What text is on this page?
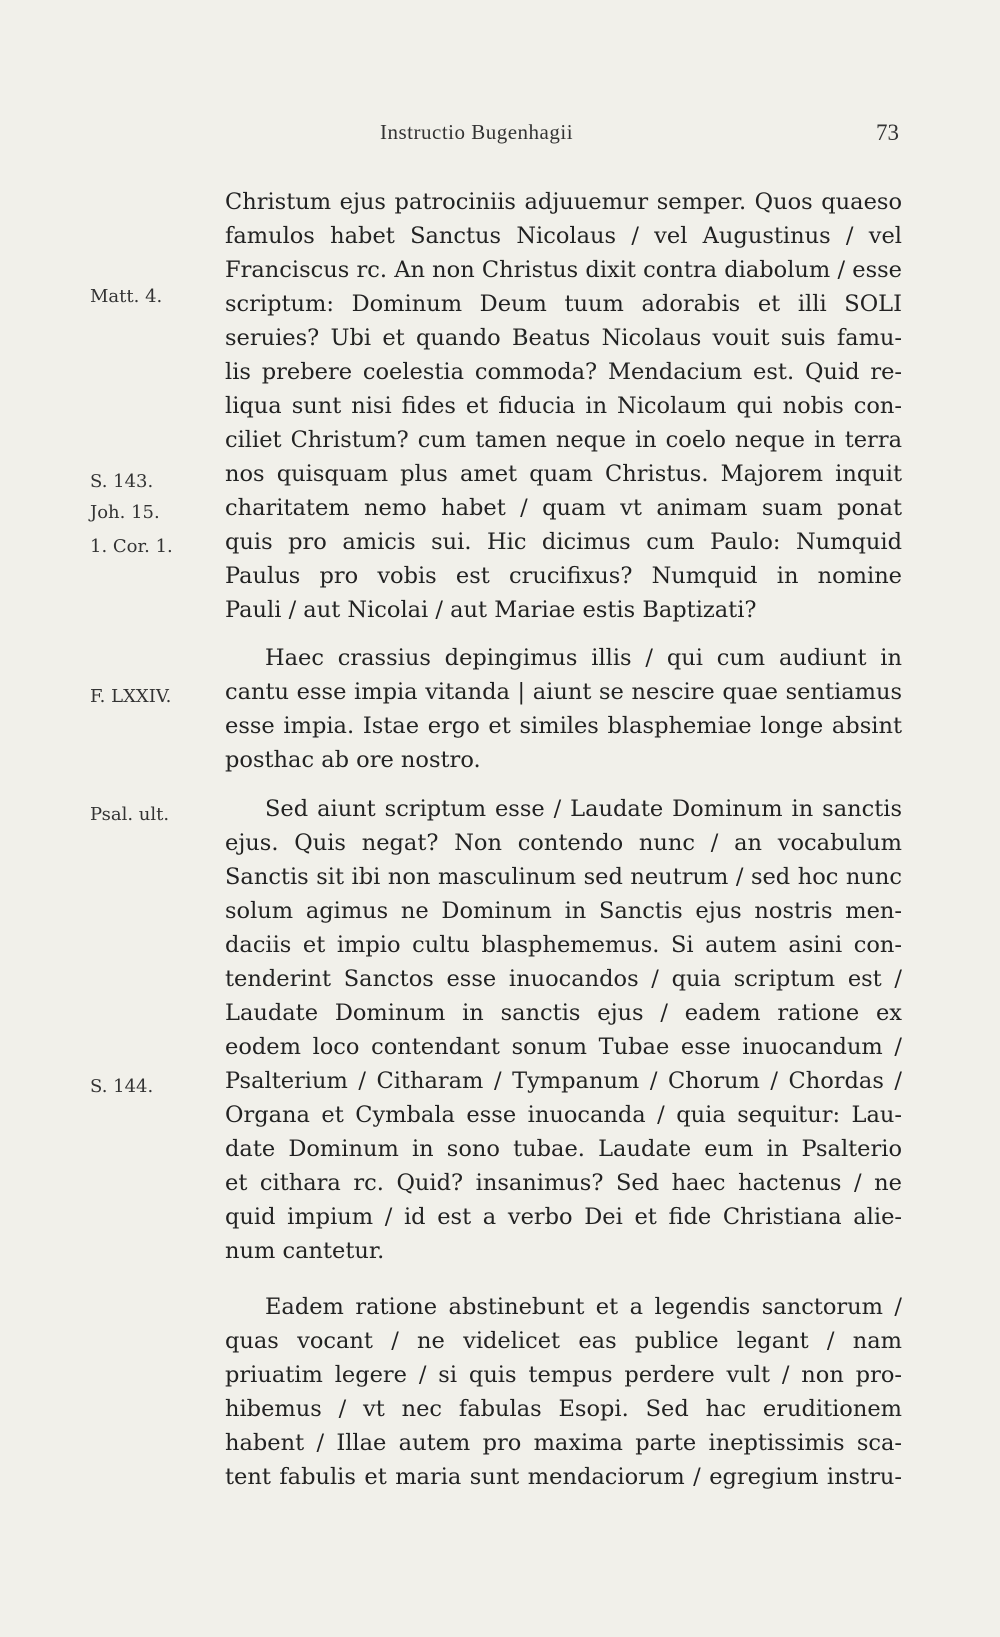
Instructio Bugenhagii	73
Matt. 4.
S. 143.
Joh. 15.
1. Cor. 1.
F. LXXIV.
Psal. ult.
S. 144.
Christum ejus patrociniis adjuuemur semper. Quos quaeso
famulos habet Sanctus Nicolaus / vel Augustinus / vel
Franciscus rc. An non Christus dixit contra diabolum / esse
scriptum: Dominum Deum tuum adorabis et illi SOLI
seruies? Ubi et quando Beatus Nicolaus vouit suis famu-
lis prebere coelestia commoda? Mendacium est. Quid re-
liqua sunt nisi fides et fiducia in Nicolaum qui nobis con-
ciliet Christum? cum tamen neque in coelo neque in terra
nos quisquam plus amet quam Christus. Majorem inquit
charitatem nemo habet / quam vt animam suam ponat
quis pro amicis sui. Hic dicimus cum Paulo: Numquid
Paulus pro vobis est crucifixus? Numquid in nomine
Pauli / aut Nicolai / aut Mariae estis Baptizati?
Haec crassius depingimus illis / qui cum audiunt in
cantu esse impia vitanda | aiunt se nescire quae sentiamus
esse impia. Istae ergo et similes blasphemiae longe absint
posthac ab ore nostro.
Sed aiunt scriptum esse / Laudate Dominum in sanctis
ejus. Quis negat? Non contendo nunc / an vocabulum
Sanctis sit ibi non masculinum sed neutrum / sed hoc nunc
solum agimus ne Dominum in Sanctis ejus nostris men-
daciis et impio cultu blasphememus. Si autem asini con-
tenderint Sanctos esse inuocandos / quia scriptum est /
Laudate Dominum in sanctis ejus / eadem ratione ex
eodem loco contendant sonum Tubae esse inuocandum /
Psalterium / Citharam / Tympanum / Chorum / Chordas /
Organa et Cymbala esse inuocanda / quia sequitur: Lau-
date Dominum in sono tubae. Laudate eum in Psalterio
et cithara rc. Quid? insanimus? Sed haec hactenus / ne
quid impium / id est a verbo Dei et fide Christiana alie-
num cantetur.
Eadem ratione abstinebunt et a legendis sanctorum /
quas vocant / ne videlicet eas publice legant / nam
priuatim legere / si quis tempus perdere vult / non pro-
hibemus / vt nec fabulas Esopi. Sed hac eruditionem
habent / Illae autem pro maxima parte ineptissimis sca-
tent fabulis et maria sunt mendaciorum / egregium instru-
